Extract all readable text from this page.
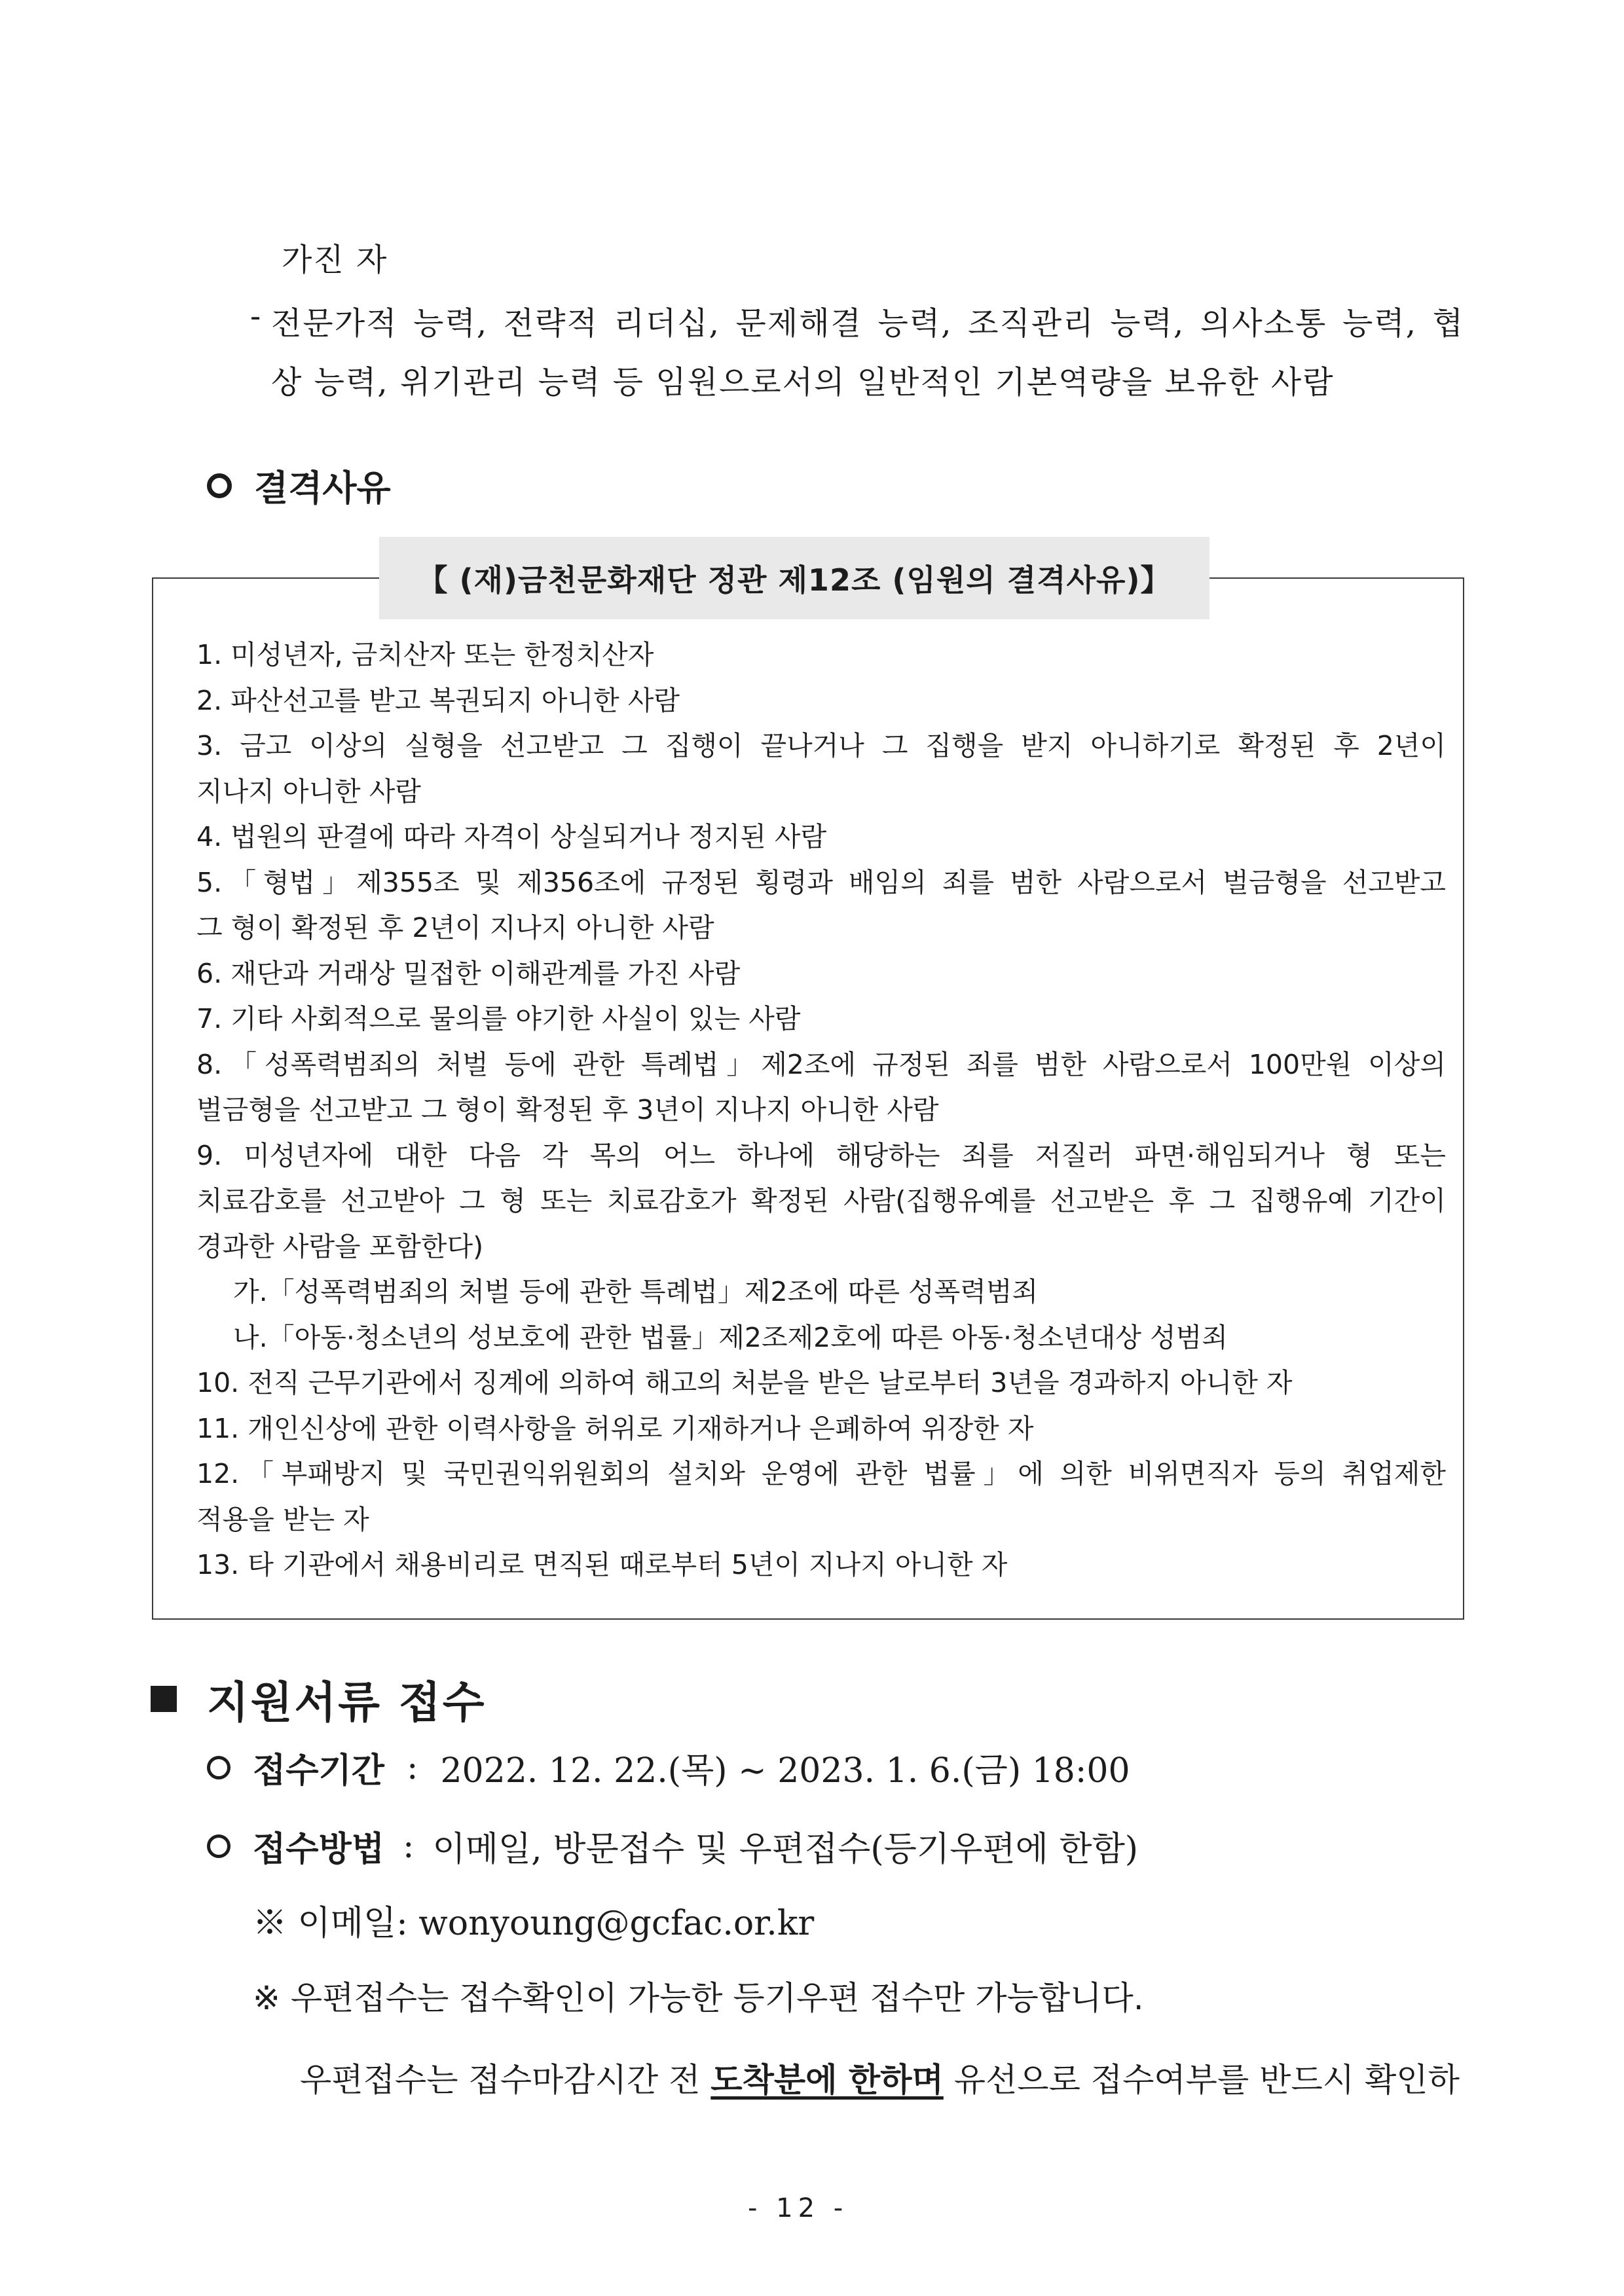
가진 자
- 전문가적 능력, 전략적 리더십, 문제해결 능력, 조직관리 능력, 의사소통 능력, 협
상 능력, 위기관리 능력 등 임원으로서의 일반적인 기본역량을 보유한 사람
결격사유
【 (재)금천문화재단 정관 제12조 (임원의 결격사유)】
1. 미성년자, 금치산자 또는 한정치산자
2. 파산선고를 받고 복권되지 아니한 사람
3. 금고 이상의 실형을 선고받고 그 집행이 끝나거나 그 집행을 받지 아니하기로 확정된 후 2년이
지나지 아니한 사람
4. 법원의 판결에 따라 자격이 상실되거나 정지된 사람
5.「형법」제355조 및 제356조에 규정된 횡령과 배임의 죄를 범한 사람으로서 벌금형을 선고받고
그 형이 확정된 후 2년이 지나지 아니한 사람
6. 재단과 거래상 밀접한 이해관계를 가진 사람
7. 기타 사회적으로 물의를 야기한 사실이 있는 사람
8.「성폭력범죄의 처벌 등에 관한 특례법」제2조에 규정된 죄를 범한 사람으로서 100만원 이상의
벌금형을 선고받고 그 형이 확정된 후 3년이 지나지 아니한 사람
9. 미성년자에 대한 다음 각 목의 어느 하나에 해당하는 죄를 저질러 파면·해임되거나 형 또는
치료감호를 선고받아 그 형 또는 치료감호가 확정된 사람(집행유예를 선고받은 후 그 집행유예 기간이
경과한 사람을 포함한다)
가.「성폭력범죄의 처벌 등에 관한 특례법」제2조에 따른 성폭력범죄
나.「아동·청소년의 성보호에 관한 법률」제2조제2호에 따른 아동·청소년대상 성범죄
10. 전직 근무기관에서 징계에 의하여 해고의 처분을 받은 날로부터 3년을 경과하지 아니한 자
11. 개인신상에 관한 이력사항을 허위로 기재하거나 은폐하여 위장한 자
12.「부패방지 및 국민권익위원회의 설치와 운영에 관한 법률」에 의한 비위면직자 등의 취업제한
적용을 받는 자
13. 타 기관에서 채용비리로 면직된 때로부터 5년이 지나지 아니한 자
지원서류 접수
접수기간 : 2022. 12. 22.(목) ~ 2023. 1. 6.(금) 18:00
접수방법 : 이메일, 방문접수 및 우편접수(등기우편에 한함)
※ 이메일: wonyoung@gcfac.or.kr
※ 우편접수는 접수확인이 가능한 등기우편 접수만 가능합니다.
우편접수는 접수마감시간 전 도착분에 한하며 유선으로 접수여부를 반드시 확인하
- 12 -
